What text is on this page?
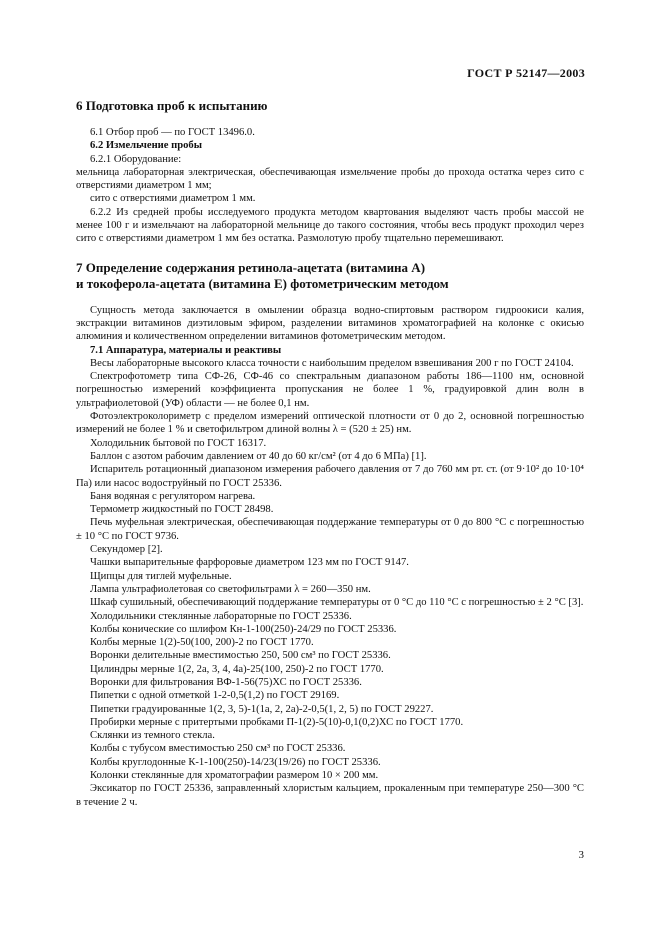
ГОСТ Р 52147—2003
6 Подготовка проб к испытанию

6.1 Отбор проб — по ГОСТ 13496.0.

6.2 Измельчение пробы

6.2.1 Оборудование:

мельница лабораторная электрическая, обеспечивающая измельчение пробы до прохода остатка через сито с отверстиями диаметром 1 мм;

сито с отверстиями диаметром 1 мм.

6.2.2 Из средней пробы исследуемого продукта методом квартования выделяют часть пробы массой не менее 100 г и измельчают на лабораторной мельнице до такого состояния, чтобы весь продукт проходил через сито с отверстиями диаметром 1 мм без остатка. Размолотую пробу тщательно перемешивают.

7 Определение содержания ретинола-ацетата (витамина А)
и токоферола-ацетата (витамина Е) фотометрическим методом

Сущность метода заключается в омылении образца водно-спиртовым раствором гидроокиси калия, экстракции витаминов диэтиловым эфиром, разделении витаминов хроматографией на колонке с окисью алюминия и количественном определении витаминов фотометрическим методом.

7.1 Аппаратура, материалы и реактивы

Весы лабораторные высокого класса точности с наибольшим пределом взвешивания 200 г по ГОСТ 24104.

Спектрофотометр типа СФ-26, СФ-46 со спектральным диапазоном работы 186—1100 нм, основной погрешностью измерений коэффициента пропускания не более 1 %, градуировкой длин волн в ультрафиолетовой (УФ) области — не более 0,1 нм.

Фотоэлектроколориметр с пределом измерений оптической плотности от 0 до 2, основной погрешностью измерений не более 1 % и светофильтром длиной волны λ = (520 ± 25) нм.

Холодильник бытовой по ГОСТ 16317.

Баллон с азотом рабочим давлением от 40 до 60 кг/см² (от 4 до 6 МПа) [1].

Испаритель ротационный диапазоном измерения рабочего давления от 7 до 760 мм рт. ст. (от 9·10² до 10·10⁴ Па) или насос водоструйный по ГОСТ 25336.

Баня водяная с регулятором нагрева.

Термометр жидкостный по ГОСТ 28498.

Печь муфельная электрическая, обеспечивающая поддержание температуры от 0 до 800 °С с погрешностью ± 10 °С по ГОСТ 9736.

Секундомер [2].

Чашки выпарительные фарфоровые диаметром 123 мм по ГОСТ 9147.

Щипцы для тиглей муфельные.

Лампа ультрафиолетовая со светофильтрами λ = 260—350 нм.

Шкаф сушильный, обеспечивающий поддержание температуры от 0 °С до 110 °С с погрешностью ± 2 °С [3].

Холодильники стеклянные лабораторные по ГОСТ 25336.

Колбы конические со шлифом Кн-1-100(250)-24/29 по ГОСТ 25336.

Колбы мерные 1(2)-50(100, 200)-2 по ГОСТ 1770.

Воронки делительные вместимостью 250, 500 см³ по ГОСТ 25336.

Цилиндры мерные 1(2, 2а, 3, 4, 4а)-25(100, 250)-2 по ГОСТ 1770.

Воронки для фильтрования ВФ-1-56(75)ХС по ГОСТ 25336.

Пипетки с одной отметкой 1-2-0,5(1,2) по ГОСТ 29169.

Пипетки градуированные 1(2, 3, 5)-1(1а, 2, 2а)-2-0,5(1, 2, 5) по ГОСТ 29227.

Пробирки мерные с притертыми пробками П-1(2)-5(10)-0,1(0,2)ХС по ГОСТ 1770.

Склянки из темного стекла.

Колбы с тубусом вместимостью 250 см³ по ГОСТ 25336.

Колбы круглодонные К-1-100(250)-14/23(19/26) по ГОСТ 25336.

Колонки стеклянные для хроматографии размером 10 × 200 мм.

Эксикатор по ГОСТ 25336, заправленный хлористым кальцием, прокаленным при температуре 250—300 °С в течение 2 ч.

3
